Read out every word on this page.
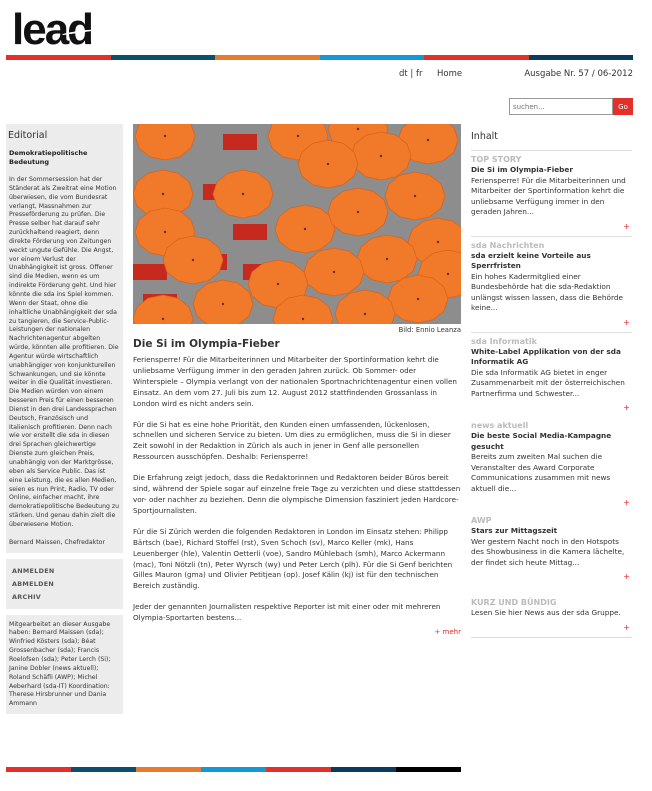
lead
dt | fr Home	Ausgabe Nr. 57 / 06-2012
suchen...
Go
Editorial
Demokratiepolitische Bedeutung
In der Sommersession hat der Ständerat als Zweitrat eine Motion überwiesen, die vom Bundesrat verlangt, Massnahmen zur Presseförderung zu prüfen. Die Presse selber hat darauf sehr zurückhaltend reagiert, denn direkte Förderung von Zeitungen weckt ungute Gefühle. Die Angst, vor einem Verlust der Unabhängigkeit ist gross. Offener sind die Medien, wenn es um indirekte Förderung geht. Und hier könnte die sda ins Spiel kommen. Wenn der Staat, ohne die inhaltliche Unabhängigkeit der sda zu tangieren, die Service-Public-Leistungen der nationalen Nachrichtenagentur abgelten würde, könnten alle profitieren. Die Agentur würde wirtschaftlich unabhängiger von konjunkturellen Schwankungen, und sie könnte weiter in die Qualität investieren. Die Medien würden von einem besseren Preis für einen besseren Dienst in den drei Landessprachen Deutsch, Französisch und Italienisch profitieren. Denn nach wie vor erstellt die sda in diesen drei Sprachen gleichwertige Dienste zum gleichen Preis, unabhängig von der Marktgrösse, eben als Service Public. Das ist eine Leistung, die es allen Medien, seien es nun Print, Radio, TV oder Online, einfacher macht, ihre demokratiepolitische Bedeutung zu stärken. Und genau dahin zielt die überwiesene Motion.
Bernard Maissen, Chefredaktor
ANMELDEN
ABMELDEN
ARCHIV
Mitgearbeitet an dieser Ausgabe haben: Bernard Maissen (sda); Winfried Kösters (sda); Béat Grossenbacher (sda); Francis Roelofsen (sda); Peter Lerch (Si); Janine Dobler (news aktuell); Roland Schäfli (AWP); Michel Aeberhard (sda-IT) Koordination: Therese Hirsbrunner und Dania Ammann
Bild: Ennio Leanza
Die Si im Olympia-Fieber

Feriensperre! Für die Mitarbeiterinnen und Mitarbeiter der Sportinformation kehrt die unliebsame Verfügung immer in den geraden Jahren zurück. Ob Sommer- oder Winterspiele – Olympia verlangt von der nationalen Sportnachrichtenagentur einen vollen Einsatz. An dem vom 27. Juli bis zum 12. August 2012 stattfindenden Grossanlass in London wird es nicht anders sein.

Für die Si hat es eine hohe Priorität, den Kunden einen umfassenden, lückenlosen, schnellen und sicheren Service zu bieten. Um dies zu ermöglichen, muss die Si in dieser Zeit sowohl in der Redaktion in Zürich als auch in jener in Genf alle personellen Ressourcen ausschöpfen. Deshalb: Feriensperre!

Die Erfahrung zeigt jedoch, dass die Redaktorinnen und Redaktoren beider Büros bereit sind, während der Spiele sogar auf einzelne freie Tage zu verzichten und diese stattdessen vor- oder nachher zu beziehen. Denn die olympische Dimension fasziniert jeden Hardcore-Sportjournalisten.

Für die Si Zürich werden die folgenden Redaktoren in London im Einsatz stehen: Philipp Bärtsch (bae), Richard Stoffel (rst), Sven Schoch (sv), Marco Keller (mk), Hans Leuenberger (hle), Valentin Oetterli (voe), Sandro Mühlebach (smh), Marco Ackermann (mac), Toni Nötzli (tn), Peter Wyrsch (wy) und Peter Lerch (plh). Für die Si Genf berichten Gilles Mauron (gma) und Olivier Petitjean (op). Josef Kälin (kj) ist für den technischen Bereich zuständig.

Jeder der genannten Journalisten respektive Reporter ist mit einer oder mit mehreren Olympia-Sportarten bestens...

+ mehr
Inhalt
TOP STORY
Die Si im Olympia-Fieber
Feriensperre! Für die Mitarbeiterinnen und Mitarbeiter der Sportinformation kehrt die unliebsame Verfügung immer in den geraden Jahren...
+
sda Nachrichten
sda erzielt keine Vorteile aus Sperrfristen
Ein hohes Kadermitglied einer Bundesbehörde hat die sda-Redaktion unlängst wissen lassen, dass die Behörde keine...
+
sda Informatik
White-Label Applikation von der sda Informatik AG
Die sda Informatik AG bietet in enger Zusammenarbeit mit der österreichischen Partnerfirma und Schwester...
+
news aktuell
Die beste Social Media-Kampagne gesucht
Bereits zum zweiten Mal suchen die Veranstalter des Award Corporate Communications zusammen mit news aktuell die...
+
AWP
Stars zur Mittagszeit
Wer gestern Nacht noch in den Hotspots des Showbusiness in die Kamera lächelte, der findet sich heute Mittag...
+
KURZ UND BÜNDIG
Lesen Sie hier News aus der sda Gruppe.
+
